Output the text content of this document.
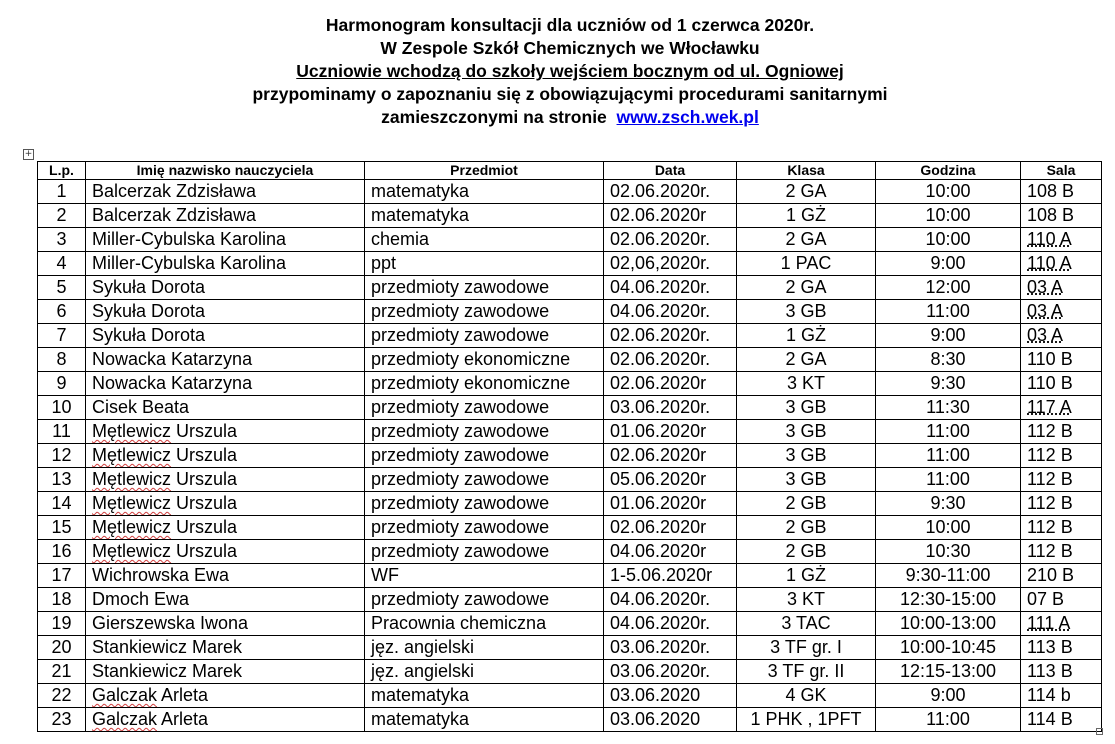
Harmonogram konsultacji dla uczniów od 1 czerwca 2020r.
W Zespole Szkół Chemicznych we Włocławku
Uczniowie wchodzą do szkoły wejściem bocznym od ul. Ogniowej
przypominamy o zapoznaniu się z obowiązującymi procedurami sanitarnymi
zamieszczonymi na stronie www.zsch.wek.pl
+
L.p.	Imię nazwisko nauczyciela	Przedmiot	Data	Klasa	Godzina	Sala
1	Balcerzak Zdzisława	matematyka	02.06.2020r.	2 GA	10:00	108 B
2	Balcerzak Zdzisława	matematyka	02.06.2020r	1 GŻ	10:00	108 B
3	Miller-Cybulska Karolina	chemia	02.06.2020r.	2 GA	10:00	110 A
4	Miller-Cybulska Karolina	ppt	02,06,2020r.	1 PAC	9:00	110 A
5	Sykuła Dorota	przedmioty zawodowe	04.06.2020r.	2 GA	12:00	03 A
6	Sykuła Dorota	przedmioty zawodowe	04.06.2020r.	3 GB	11:00	03 A
7	Sykuła Dorota	przedmioty zawodowe	02.06.2020r.	1 GŻ	9:00	03 A
8	Nowacka Katarzyna	przedmioty ekonomiczne	02.06.2020r.	2 GA	8:30	110 B
9	Nowacka Katarzyna	przedmioty ekonomiczne	02.06.2020r	3 KT	9:30	110 B
10	Cisek Beata	przedmioty zawodowe	03.06.2020r.	3 GB	11:30	117 A
11	Mętlewicz Urszula	przedmioty zawodowe	01.06.2020r	3 GB	11:00	112 B
12	Mętlewicz Urszula	przedmioty zawodowe	02.06.2020r	3 GB	11:00	112 B
13	Mętlewicz Urszula	przedmioty zawodowe	05.06.2020r	3 GB	11:00	112 B
14	Mętlewicz Urszula	przedmioty zawodowe	01.06.2020r	2 GB	9:30	112 B
15	Mętlewicz Urszula	przedmioty zawodowe	02.06.2020r	2 GB	10:00	112 B
16	Mętlewicz Urszula	przedmioty zawodowe	04.06.2020r	2 GB	10:30	112 B
17	Wichrowska Ewa	WF	1-5.06.2020r	1 GŻ	9:30-11:00	210 B
18	Dmoch Ewa	przedmioty zawodowe	04.06.2020r.	3 KT	12:30-15:00	07 B
19	Gierszewska Iwona	Pracownia chemiczna	04.06.2020r.	3 TAC	10:00-13:00	111 A
20	Stankiewicz Marek	jęz. angielski	03.06.2020r.	3 TF gr. I	10:00-10:45	113 B
21	Stankiewicz Marek	jęz. angielski	03.06.2020r.	3 TF gr. II	12:15-13:00	113 B
22	Galczak Arleta	matematyka	03.06.2020	4 GK	9:00	114 b
23	Galczak Arleta	matematyka	03.06.2020	1 PHK , 1PFT	11:00	114 B
